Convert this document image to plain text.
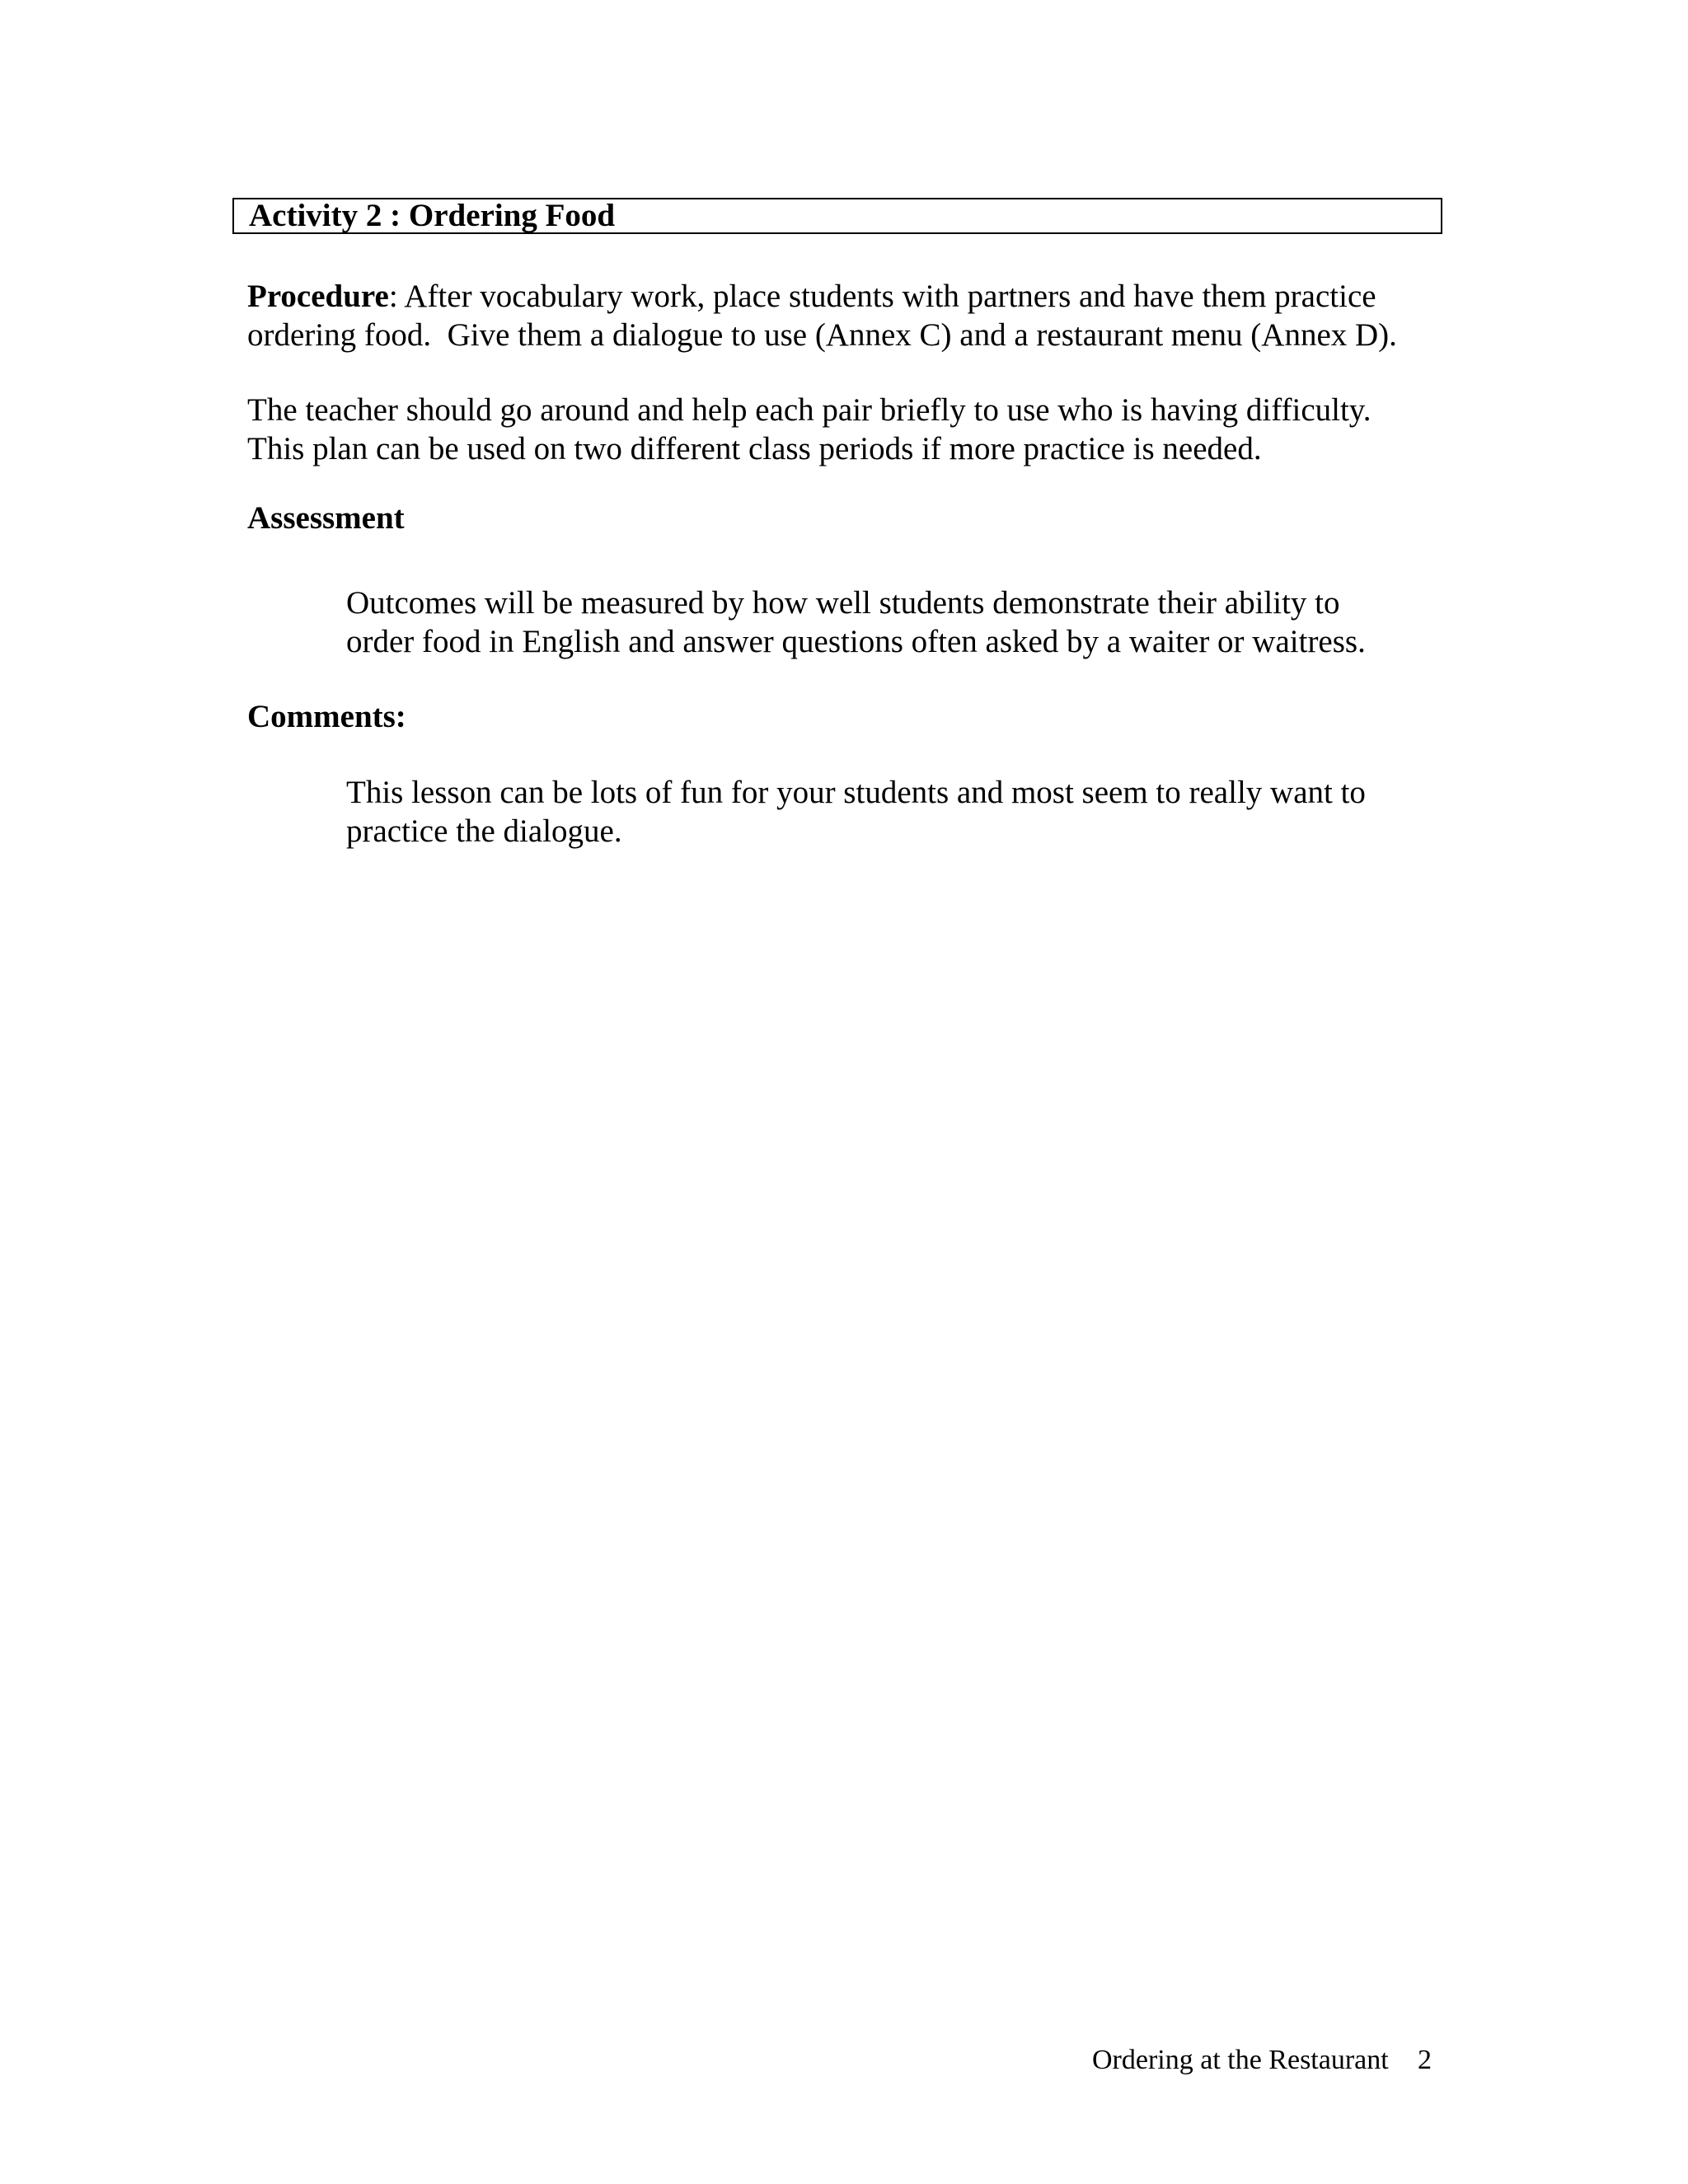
Activity 2 : Ordering Food

Procedure: After vocabulary work, place students with partners and have them practice

ordering food.  Give them a dialogue to use (Annex C) and a restaurant menu (Annex D).

The teacher should go around and help each pair briefly to use who is having difficulty.

This plan can be used on two different class periods if more practice is needed.

Assessment

Outcomes will be measured by how well students demonstrate their ability to

order food in English and answer questions often asked by a waiter or waitress.

Comments:

This lesson can be lots of fun for your students and most seem to really want to

practice the dialogue.

Ordering at the Restaurant 2
